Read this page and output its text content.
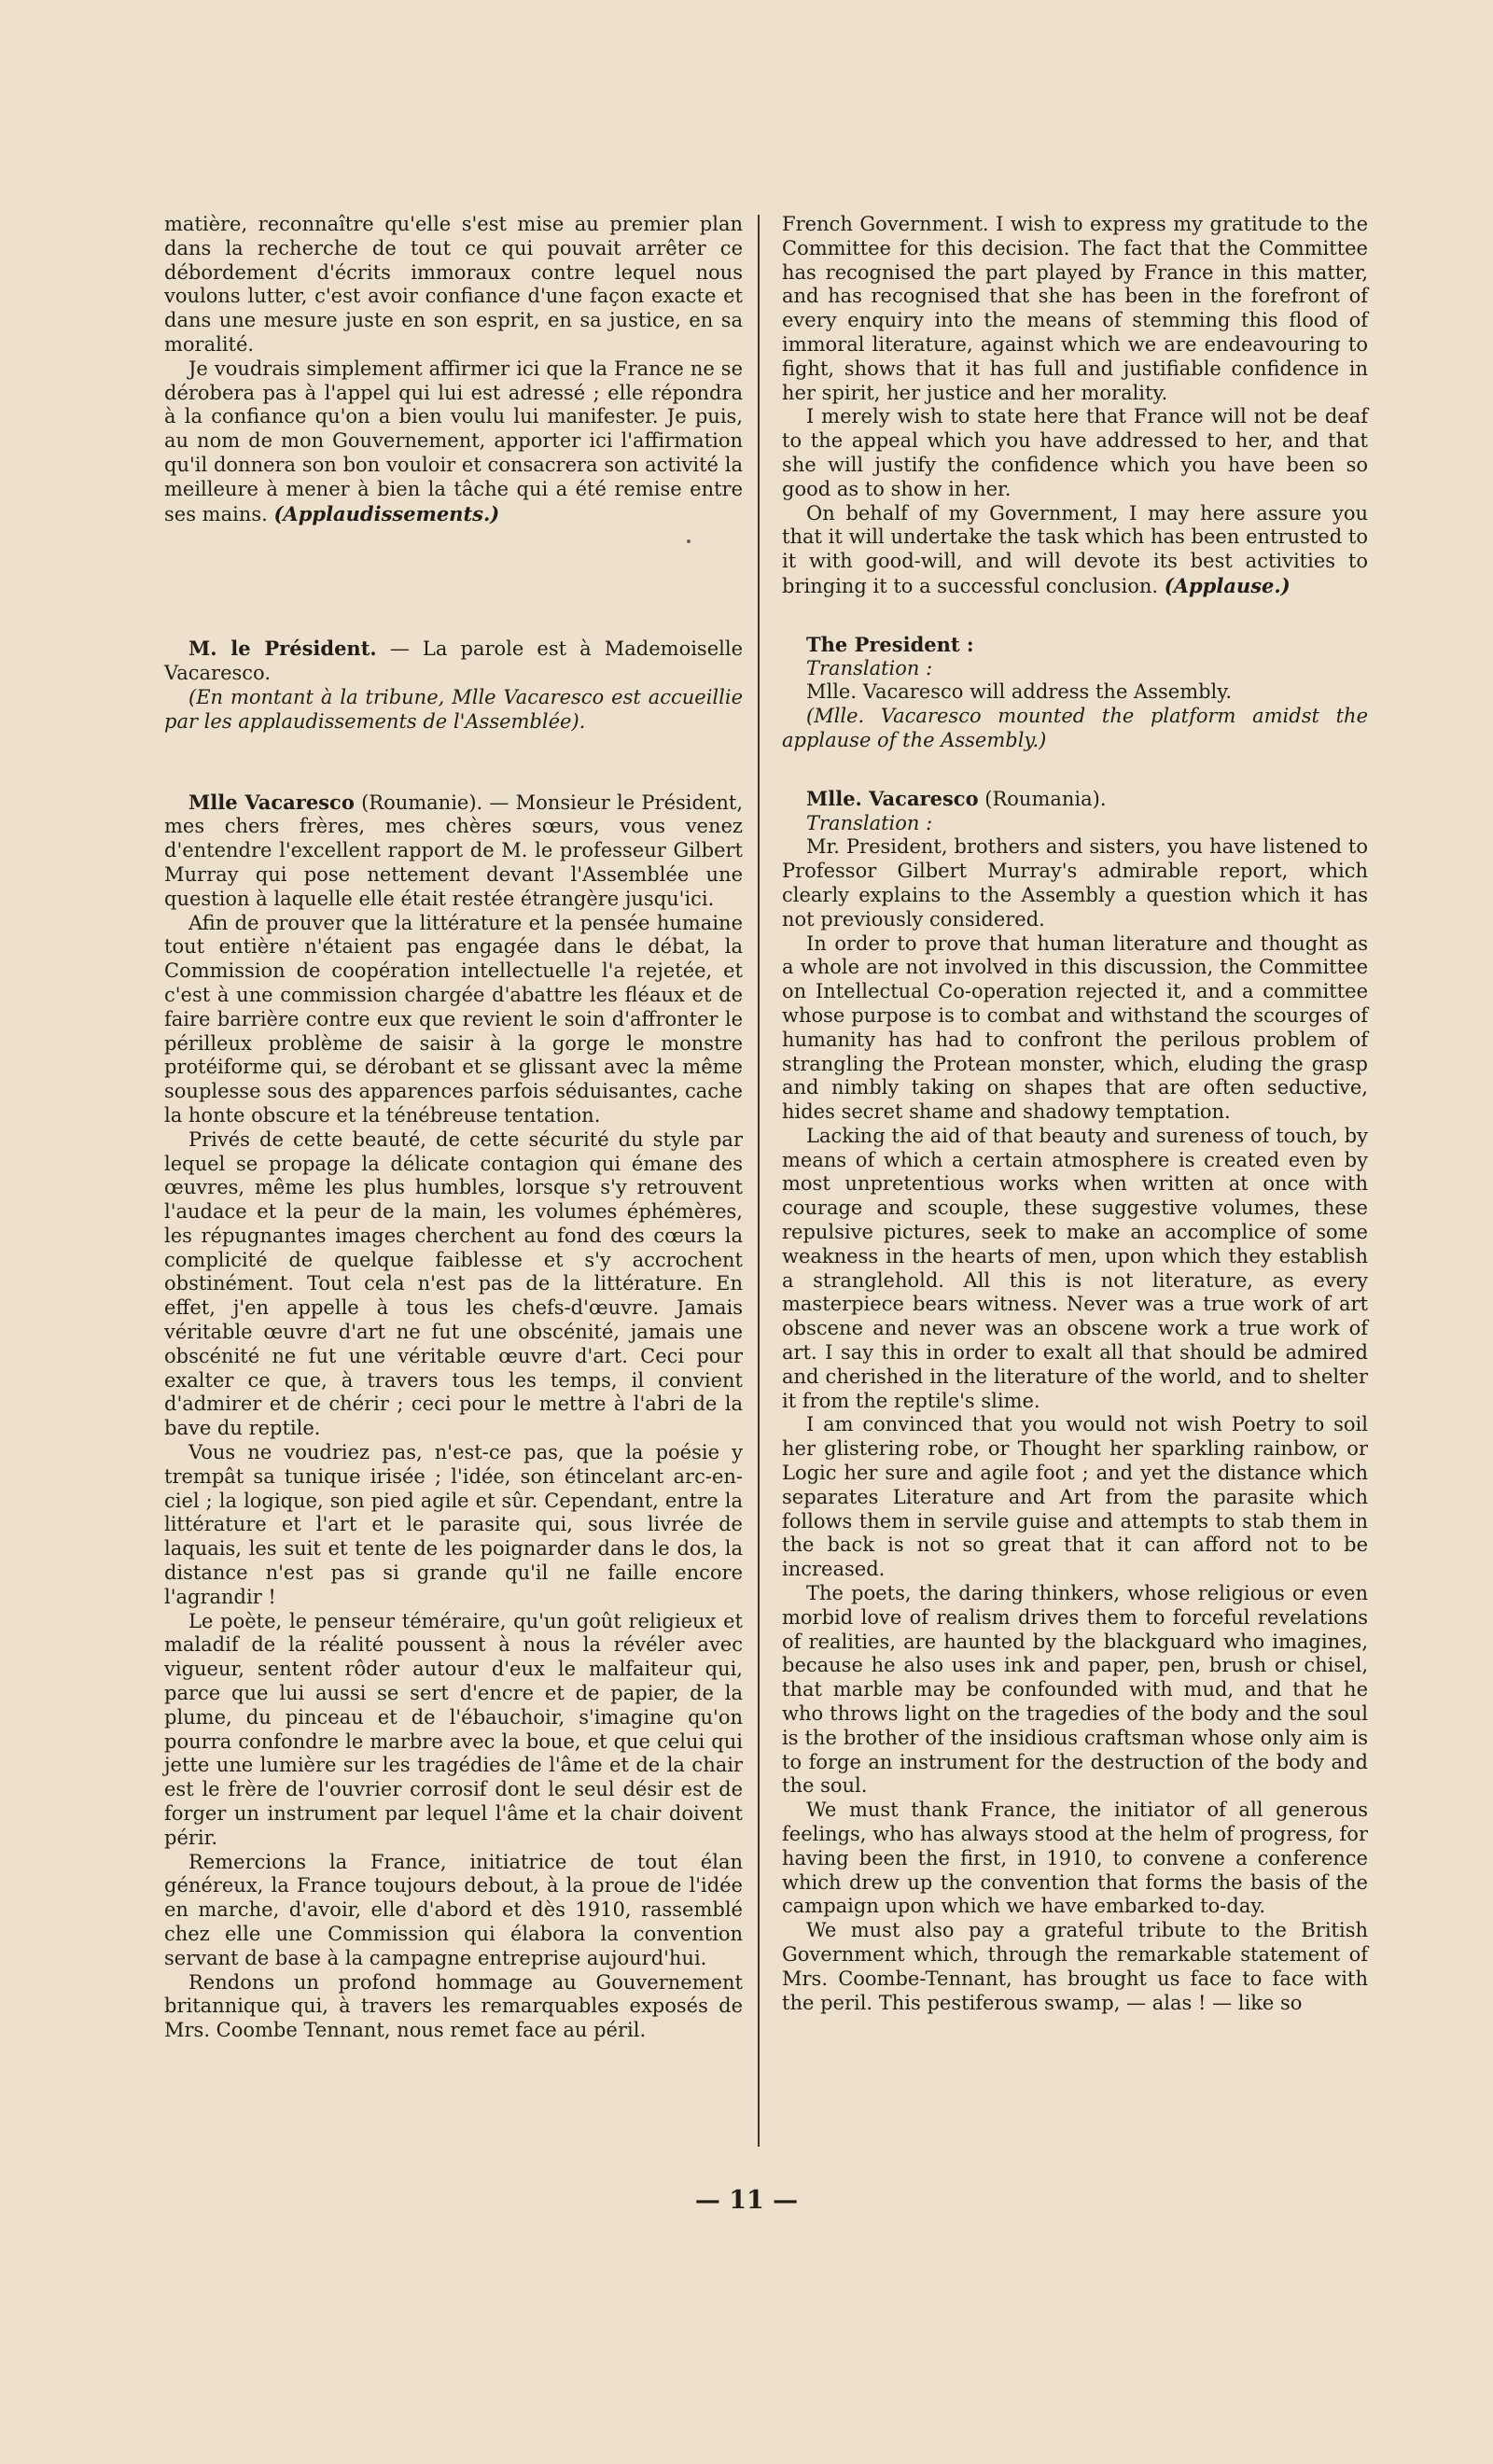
matière, reconnaître qu'elle s'est mise au premier plan dans la recherche de tout ce qui pouvait arrêter ce débordement d'écrits immoraux contre lequel nous voulons lutter, c'est avoir confiance d'une façon exacte et dans une mesure juste en son esprit, en sa justice, en sa moralité.

Je voudrais simplement affirmer ici que la France ne se dérobera pas à l'appel qui lui est adressé ; elle répondra à la confiance qu'on a bien voulu lui manifester. Je puis, au nom de mon Gouvernement, apporter ici l'affirmation qu'il donnera son bon vouloir et consacrera son activité la meilleure à mener à bien la tâche qui a été remise entre ses mains. (Applaudissements.)

M. le Président. — La parole est à Mademoiselle Vacaresco.

(En montant à la tribune, Mlle Vacaresco est accueillie par les applaudissements de l'Assemblée).

Mlle Vacaresco (Roumanie). — Monsieur le Président, mes chers frères, mes chères sœurs, vous venez d'entendre l'excellent rapport de M. le professeur Gilbert Murray qui pose nettement devant l'Assemblée une question à laquelle elle était restée étrangère jusqu'ici.

Afin de prouver que la littérature et la pensée humaine tout entière n'étaient pas engagée dans le débat, la Commission de coopération intellectuelle l'a rejetée, et c'est à une commission chargée d'abattre les fléaux et de faire barrière contre eux que revient le soin d'affronter le périlleux problème de saisir à la gorge le monstre protéiforme qui, se dérobant et se glissant avec la même souplesse sous des apparences parfois séduisantes, cache la honte obscure et la ténébreuse tentation.

Privés de cette beauté, de cette sécurité du style par lequel se propage la délicate contagion qui émane des œuvres, même les plus humbles, lorsque s'y retrouvent l'audace et la peur de la main, les volumes éphémères, les répugnantes images cherchent au fond des cœurs la complicité de quelque faiblesse et s'y accrochent obstinément. Tout cela n'est pas de la littérature. En effet, j'en appelle à tous les chefs-d'œuvre. Jamais véritable œuvre d'art ne fut une obscénité, jamais une obscénité ne fut une véritable œuvre d'art. Ceci pour exalter ce que, à travers tous les temps, il convient d'admirer et de chérir ; ceci pour le mettre à l'abri de la bave du reptile.

Vous ne voudriez pas, n'est-ce pas, que la poésie y trempât sa tunique irisée ; l'idée, son étincelant arc-en-ciel ; la logique, son pied agile et sûr. Cependant, entre la littérature et l'art et le parasite qui, sous livrée de laquais, les suit et tente de les poignarder dans le dos, la distance n'est pas si grande qu'il ne faille encore l'agrandir !

Le poète, le penseur téméraire, qu'un goût religieux et maladif de la réalité poussent à nous la révéler avec vigueur, sentent rôder autour d'eux le malfaiteur qui, parce que lui aussi se sert d'encre et de papier, de la plume, du pinceau et de l'ébauchoir, s'imagine qu'on pourra confondre le marbre avec la boue, et que celui qui jette une lumière sur les tragédies de l'âme et de la chair est le frère de l'ouvrier corrosif dont le seul désir est de forger un instrument par lequel l'âme et la chair doivent périr.

Remercions la France, initiatrice de tout élan généreux, la France toujours debout, à la proue de l'idée en marche, d'avoir, elle d'abord et dès 1910, rassemblé chez elle une Commission qui élabora la convention servant de base à la campagne entreprise aujourd'hui.

Rendons un profond hommage au Gouvernement britannique qui, à travers les remarquables exposés de Mrs. Coombe Tennant, nous remet face au péril.

French Government. I wish to express my gratitude to the Committee for this decision. The fact that the Committee has recognised the part played by France in this matter, and has recognised that she has been in the forefront of every enquiry into the means of stemming this flood of immoral literature, against which we are endeavouring to fight, shows that it has full and justifiable confidence in her spirit, her justice and her morality.

I merely wish to state here that France will not be deaf to the appeal which you have addressed to her, and that she will justify the confidence which you have been so good as to show in her.

On behalf of my Government, I may here assure you that it will undertake the task which has been entrusted to it with good-will, and will devote its best activities to bringing it to a successful conclusion. (Applause.)

The President :

Translation :

Mlle. Vacaresco will address the Assembly.

(Mlle. Vacaresco mounted the platform amidst the applause of the Assembly.)

Mlle. Vacaresco (Roumania).

Translation :

Mr. President, brothers and sisters, you have listened to Professor Gilbert Murray's admirable report, which clearly explains to the Assembly a question which it has not previously considered.

In order to prove that human literature and thought as a whole are not involved in this discussion, the Committee on Intellectual Co-operation rejected it, and a committee whose purpose is to combat and withstand the scourges of humanity has had to confront the perilous problem of strangling the Protean monster, which, eluding the grasp and nimbly taking on shapes that are often seductive, hides secret shame and shadowy temptation.

Lacking the aid of that beauty and sureness of touch, by means of which a certain atmosphere is created even by most unpretentious works when written at once with courage and scouple, these suggestive volumes, these repulsive pictures, seek to make an accomplice of some weakness in the hearts of men, upon which they establish a stranglehold. All this is not literature, as every masterpiece bears witness. Never was a true work of art obscene and never was an obscene work a true work of art. I say this in order to exalt all that should be admired and cherished in the literature of the world, and to shelter it from the reptile's slime.

I am convinced that you would not wish Poetry to soil her glistering robe, or Thought her sparkling rainbow, or Logic her sure and agile foot ; and yet the distance which separates Literature and Art from the parasite which follows them in servile guise and attempts to stab them in the back is not so great that it can afford not to be increased.

The poets, the daring thinkers, whose religious or even morbid love of realism drives them to forceful revelations of realities, are haunted by the blackguard who imagines, because he also uses ink and paper, pen, brush or chisel, that marble may be confounded with mud, and that he who throws light on the tragedies of the body and the soul is the brother of the insidious craftsman whose only aim is to forge an instrument for the destruction of the body and the soul.

We must thank France, the initiator of all generous feelings, who has always stood at the helm of progress, for having been the first, in 1910, to convene a conference which drew up the convention that forms the basis of the campaign upon which we have embarked to-day.

We must also pay a grateful tribute to the British Government which, through the remarkable statement of Mrs. Coombe-Tennant, has brought us face to face with the peril. This pestiferous swamp, — alas ! — like so

— 11 —
